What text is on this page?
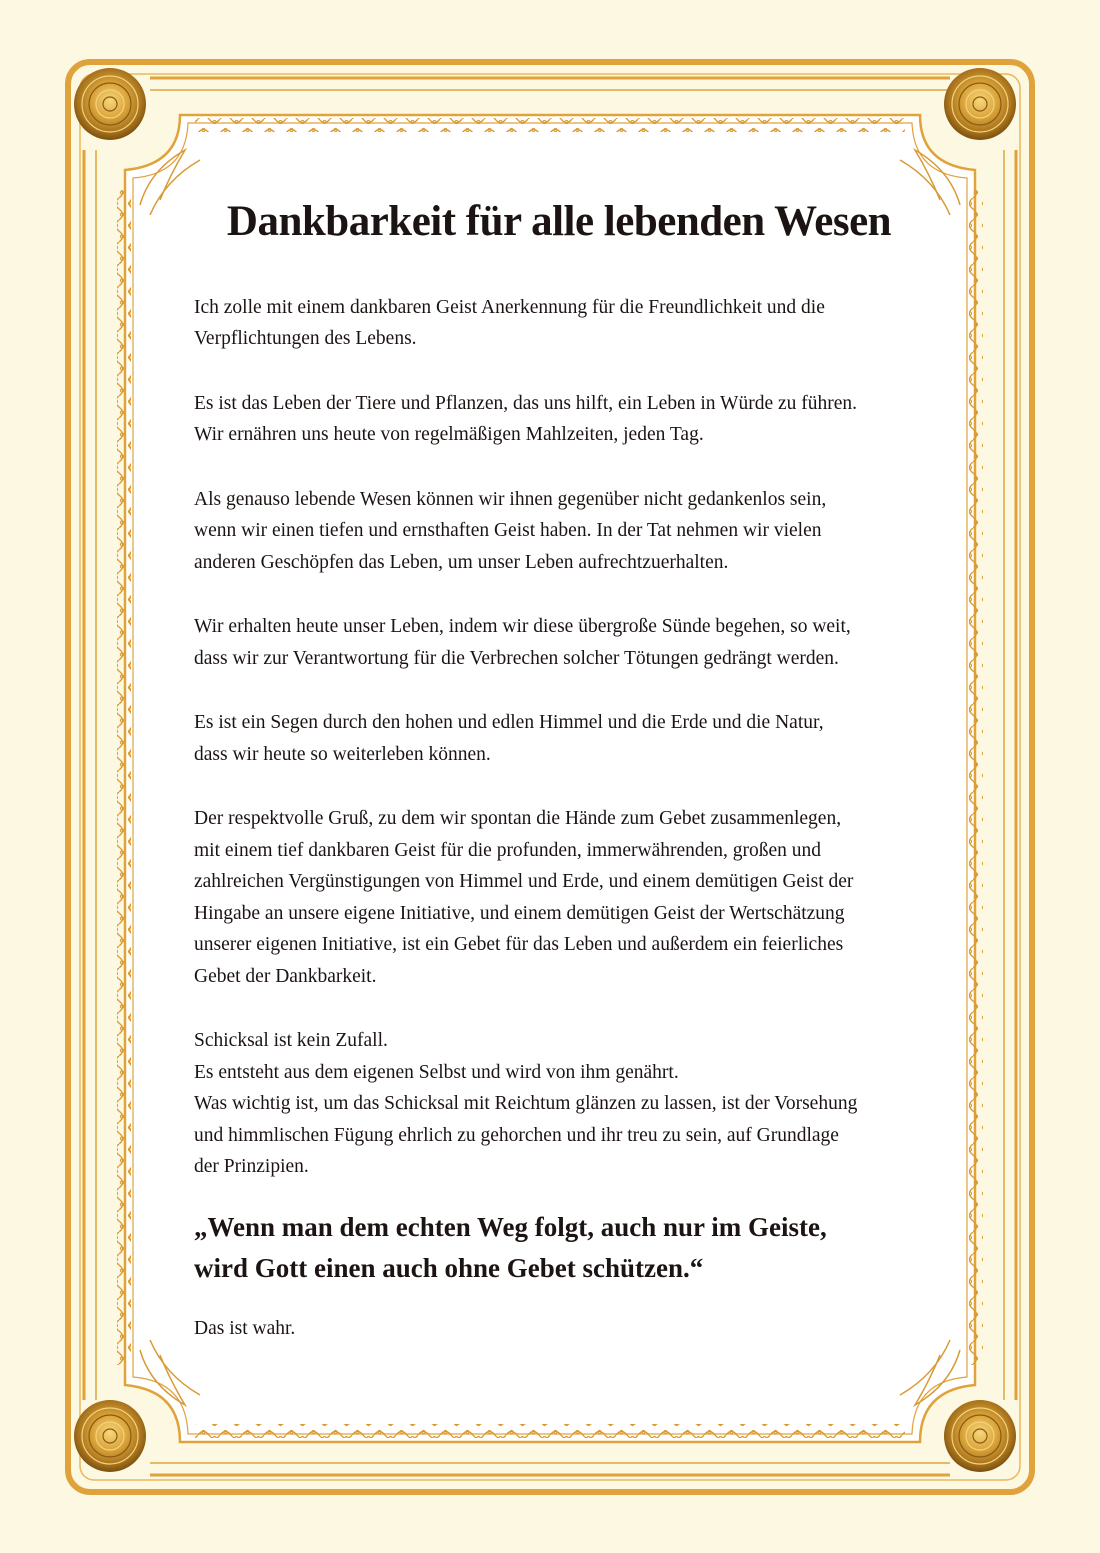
Dankbarkeit für alle lebenden Wesen

Ich zolle mit einem dankbaren Geist Anerkennung für die Freundlichkeit und die
Verpflichtungen des Lebens.

Es ist das Leben der Tiere und Pflanzen, das uns hilft, ein Leben in Würde zu führen.
Wir ernähren uns heute von regelmäßigen Mahlzeiten, jeden Tag.

Als genauso lebende Wesen können wir ihnen gegenüber nicht gedankenlos sein,
wenn wir einen tiefen und ernsthaften Geist haben. In der Tat nehmen wir vielen
anderen Geschöpfen das Leben, um unser Leben aufrechtzuerhalten.

Wir erhalten heute unser Leben, indem wir diese übergroße Sünde begehen, so weit,
dass wir zur Verantwortung für die Verbrechen solcher Tötungen gedrängt werden.

Es ist ein Segen durch den hohen und edlen Himmel und die Erde und die Natur,
dass wir heute so weiterleben können.

Der respektvolle Gruß, zu dem wir spontan die Hände zum Gebet zusammenlegen,
mit einem tief dankbaren Geist für die profunden, immerwährenden, großen und
zahlreichen Vergünstigungen von Himmel und Erde, und einem demütigen Geist der
Hingabe an unsere eigene Initiative, und einem demütigen Geist der Wertschätzung
unserer eigenen Initiative, ist ein Gebet für das Leben und außerdem ein feierliches
Gebet der Dankbarkeit.

Schicksal ist kein Zufall.
Es entsteht aus dem eigenen Selbst und wird von ihm genährt.
Was wichtig ist, um das Schicksal mit Reichtum glänzen zu lassen, ist der Vorsehung
und himmlischen Fügung ehrlich zu gehorchen und ihr treu zu sein, auf Grundlage
der Prinzipien.

„Wenn man dem echten Weg folgt, auch nur im Geiste,
wird Gott einen auch ohne Gebet schützen.“

Das ist wahr.
